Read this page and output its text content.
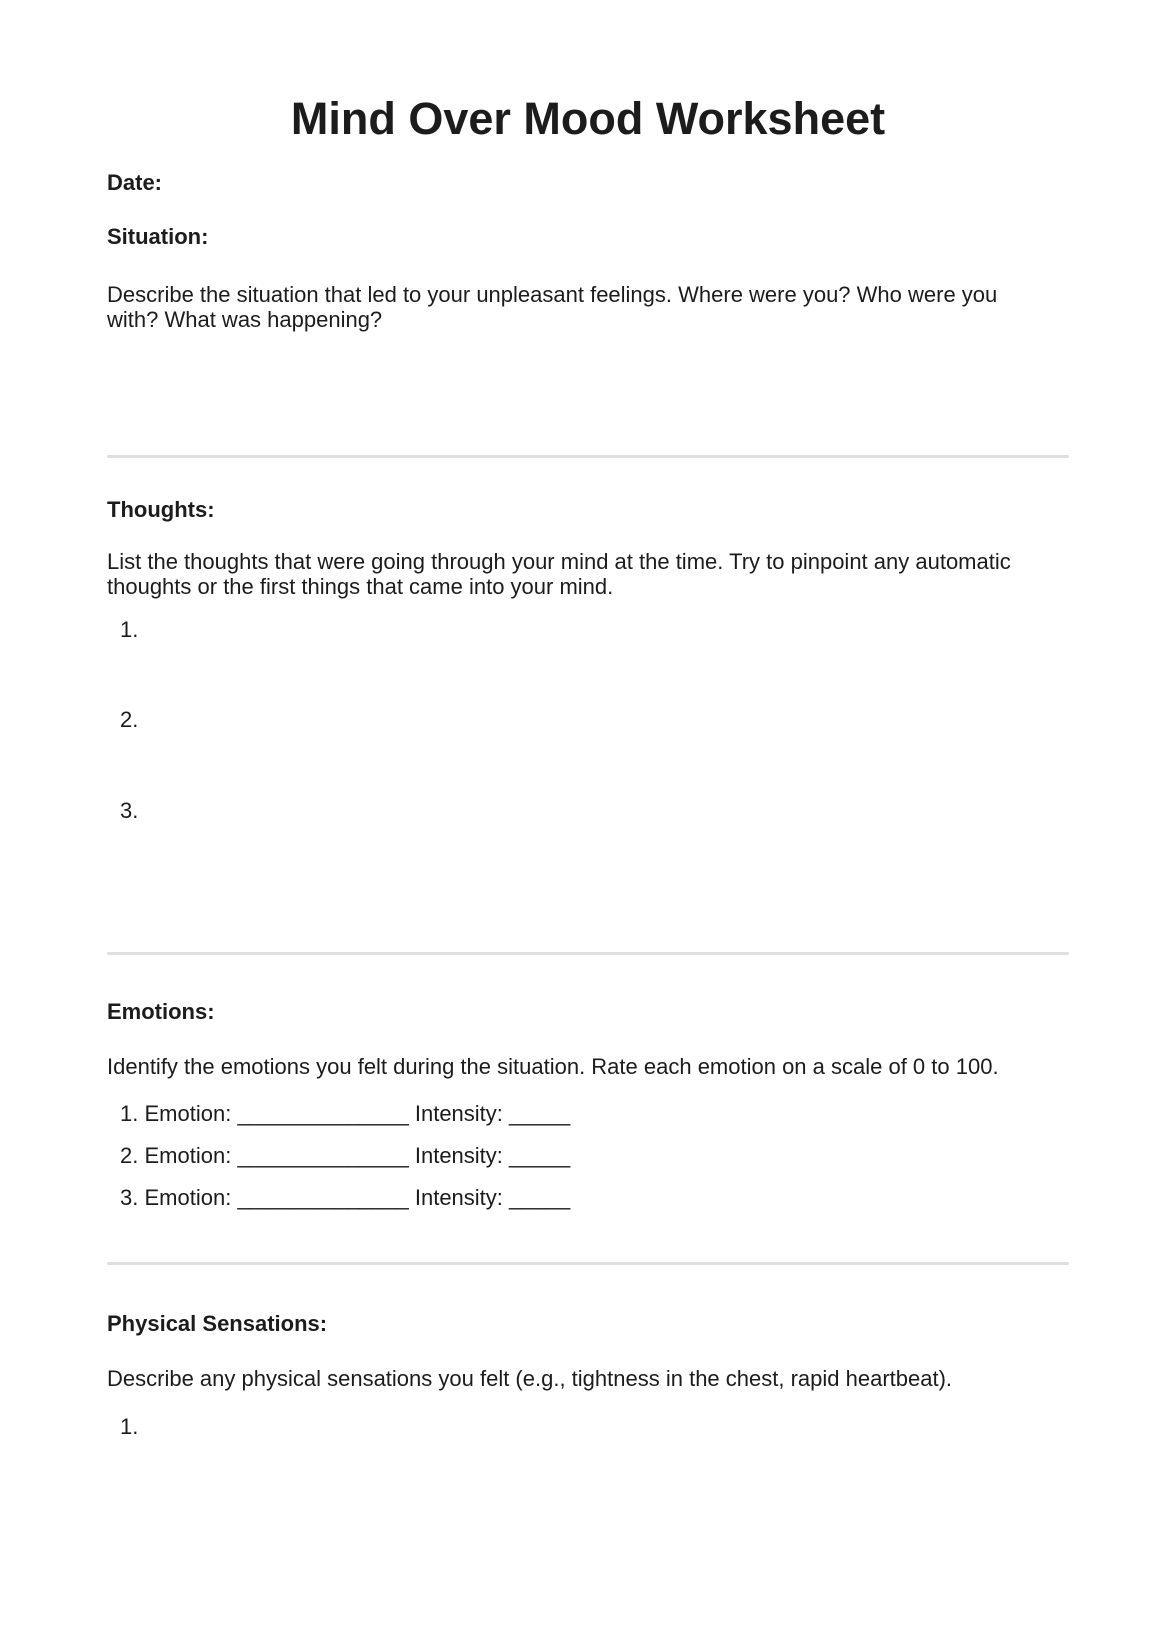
Mind Over Mood Worksheet
Date:
Situation:

Describe the situation that led to your unpleasant feelings. Where were you? Who were you with? What was happening?

Thoughts:

List the thoughts that were going through your mind at the time. Try to pinpoint any automatic thoughts or the first things that came into your mind.

1.
2.
3.
Emotions:

Identify the emotions you felt during the situation. Rate each emotion on a scale of 0 to 100.

1. Emotion: ______________ Intensity: _____
2. Emotion: ______________ Intensity: _____
3. Emotion: ______________ Intensity: _____
Physical Sensations:

Describe any physical sensations you felt (e.g., tightness in the chest, rapid heartbeat).

1.
